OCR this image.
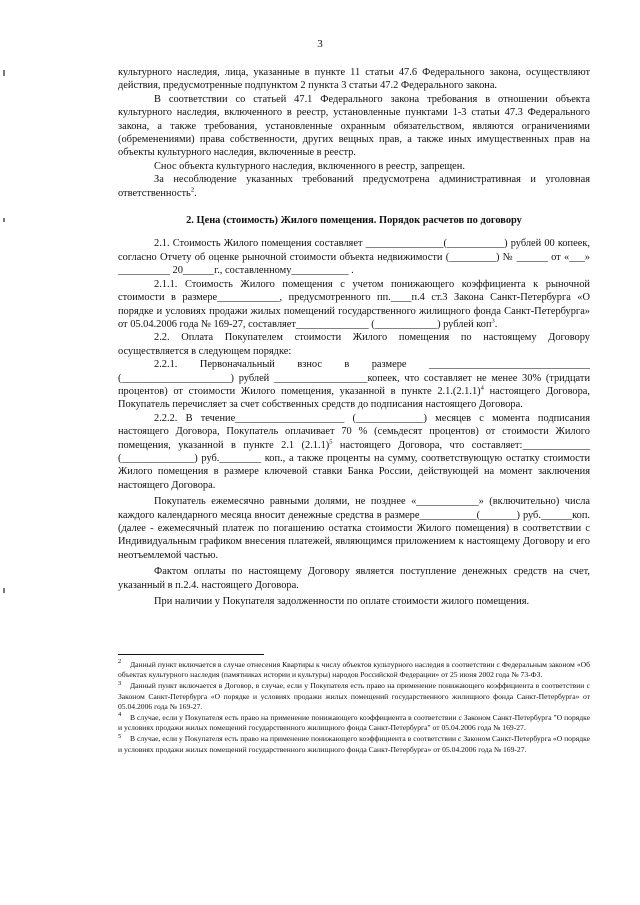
3

культурного наследия, лица, указанные в пункте 11 статьи 47.6 Федерального закона, осуществляют действия, предусмотренные подпунктом 2 пункта 3 статьи 47.2 Федерального закона.

В соответствии со статьей 47.1 Федерального закона требования в отношении объекта культурного наследия, включенного в реестр, установленные пунктами 1-3 статьи 47.3 Федерального закона, а также требования, установленные охранным обязательством, являются ограничениями (обременениями) права собственности, других вещных прав, а также иных имущественных прав на объекты культурного наследия, включенные в реестр.

Снос объекта культурного наследия, включенного в реестр, запрещен.

За несоблюдение указанных требований предусмотрена административная и уголовная ответственность$^2$.

2. Цена (стоимость) Жилого помещения. Порядок расчетов по договору

2.1. Стоимость Жилого помещения составляет _______________(___________) рублей 00 копеек, согласно Отчету об оценке рыночной стоимости объекта недвижимости (_________) № ______ от «___» __________ 20______г., составленному___________ .

2.1.1. Стоимость Жилого помещения с учетом понижающего коэффициента к рыночной стоимости в размере____________, предусмотренного пп.____п.4 ст.3 Закона Санкт-Петербурга «О порядке и условиях продажи жилых помещений государственного жилищного фонда Санкт-Петербурга» от 05.04.2006 года № 169-27, составляет______________ (____________) рублей коп$^3$.

2.2. Оплата Покупателем стоимости Жилого помещения по настоящему Договору осуществляется в следующем порядке:

2.2.1. Первоначальный взнос в размере _______________________________ (_____________________) рублей __________________копеек, что составляет не менее 30% (тридцати процентов) от стоимости Жилого помещения, указанной в пункте $2.1.(2.1.1)^4$ настоящего Договора, Покупатель перечисляет за счет собственных средств до подписания настоящего Договора.

2.2.2. В течение_____________________ (_____________) месяцев с момента подписания настоящего Договора, Покупатель оплачивает 70 % (семьдесят процентов) от стоимости Жилого помещения, указанной в пункте 2.1 $(2.1.1)^5$ настоящего Договора, что составляет:_____________ (______________) руб.________ коп., а также проценты на сумму, соответствующую остатку стоимости Жилого помещения в размере ключевой ставки Банка России, действующей на момент заключения настоящего Договора.

Покупатель ежемесячно равными долями, не позднее «____________» (включительно) числа каждого календарного месяца вносит денежные средства в размере___________(_______) руб.______коп. (далее - ежемесячный платеж по погашению остатка стоимости Жилого помещения) в соответствии с Индивидуальным графиком внесения платежей, являющимся приложением к настоящему Договору и его неотъемлемой частью.

Фактом оплаты по настоящему Договору является поступление денежных средств на счет, указанный в п.2.4. настоящего Договора.

При наличии у Покупателя задолженности по оплате стоимости жилого помещения.

$^2$ Данный пункт включается в случае отнесения Квартиры к числу объектов культурного наследия в соответствии с Федеральным законом «Об объектах культурного наследия (памятниках истории и культуры) народов Российской Федерации» от 25 июня 2002 года № 73-ФЗ.

$^3$ Данный пункт включается в Договор, в случае, если у Покупателя есть право на применение понижающего коэффициента в соответствии с Законом Санкт-Петербурга «О порядке и условиях продажи жилых помещений государственного жилищного фонда Санкт-Петербурга» от 05.04.2006 года № 169-27.

$^4$ В случае, если у Покупателя есть право на применение понижающего коэффициента в соответствии с Законом Санкт-Петербурга "О порядке и условиях продажи жилых помещений государственного жилищного фонда Санкт-Петербурга" от 05.04.2006 года № 169-27.

$^5$ В случае, если у Покупателя есть право на применение понижающего коэффициента в соответствии с Законом Санкт-Петербурга «О порядке и условиях продажи жилых помещений государственного жилищного фонда Санкт-Петербурга» от 05.04.2006 года № 169-27.
